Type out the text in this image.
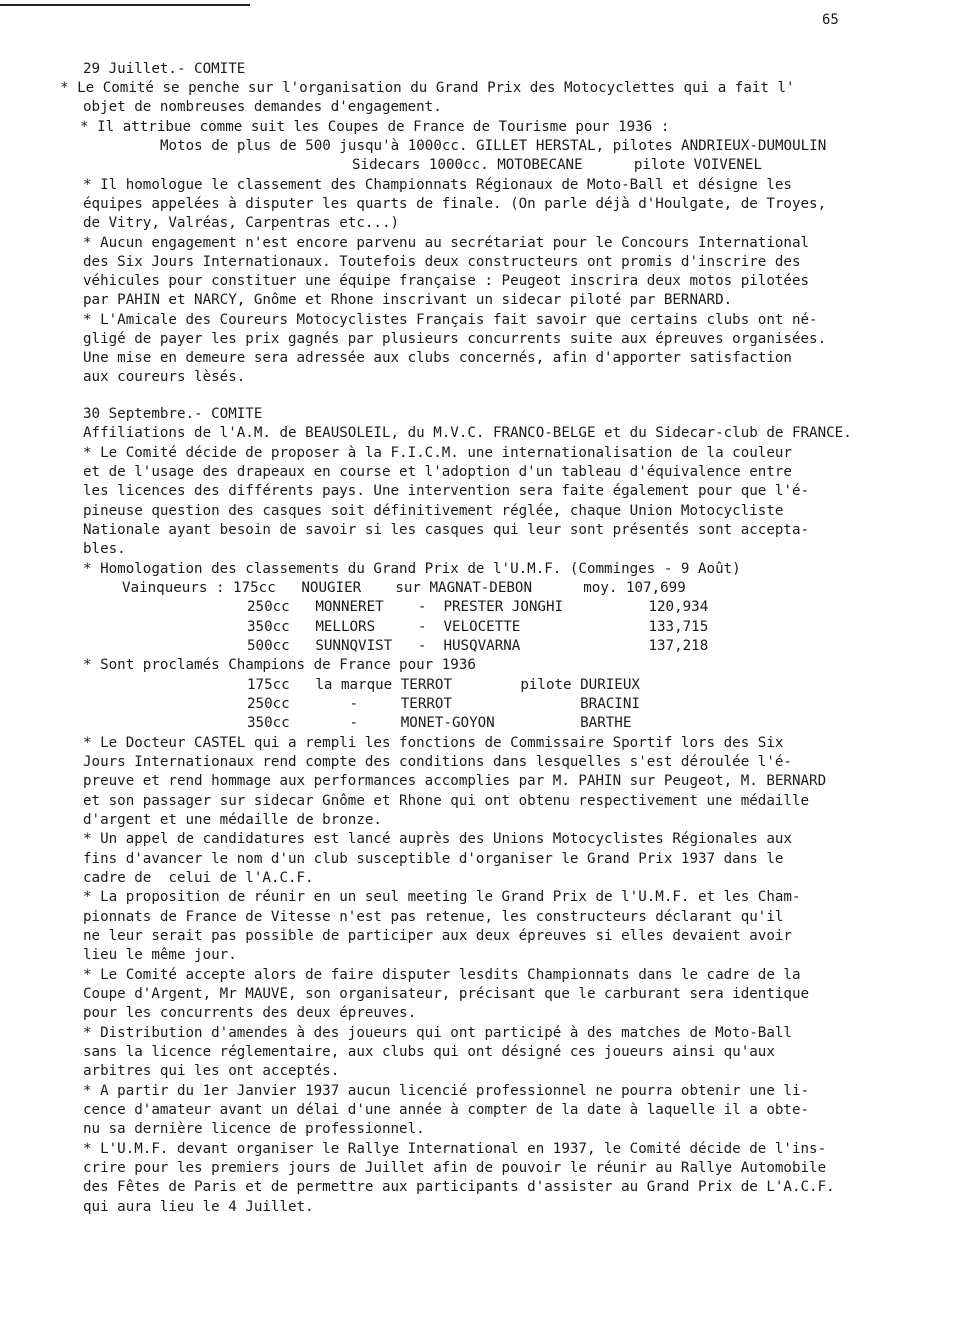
65
29 Juillet.- COMITE
* Le Comité se penche sur l'organisation du Grand Prix des Motocyclettes qui a fait l'
objet de nombreuses demandes d'engagement.
* Il attribue comme suit les Coupes de France de Tourisme pour 1936 :
Motos de plus de 500 jusqu'à 1000cc. GILLET HERSTAL, pilotes ANDRIEUX-DUMOULIN
Sidecars 1000cc. MOTOBECANE      pilote VOIVENEL
* Il homologue le classement des Championnats Régionaux de Moto-Ball et désigne les
équipes appelées à disputer les quarts de finale. (On parle déjà d'Houlgate, de Troyes,
de Vitry, Valréas, Carpentras etc...)
* Aucun engagement n'est encore parvenu au secrétariat pour le Concours International
des Six Jours Internationaux. Toutefois deux constructeurs ont promis d'inscrire des
véhicules pour constituer une équipe française : Peugeot inscrira deux motos pilotées
par PAHIN et NARCY, Gnôme et Rhone inscrivant un sidecar piloté par BERNARD.
* L'Amicale des Coureurs Motocyclistes Français fait savoir que certains clubs ont né-
gligé de payer les prix gagnés par plusieurs concurrents suite aux épreuves organisées.
Une mise en demeure sera adressée aux clubs concernés, afin d'apporter satisfaction
aux coureurs lèsés.
30 Septembre.- COMITE
Affiliations de l'A.M. de BEAUSOLEIL, du M.V.C. FRANCO-BELGE et du Sidecar-club de FRANCE.
* Le Comité décide de proposer à la F.I.C.M. une internationalisation de la couleur
et de l'usage des drapeaux en course et l'adoption d'un tableau d'équivalence entre
les licences des différents pays. Une intervention sera faite également pour que l'é-
pineuse question des casques soit définitivement réglée, chaque Union Motocycliste
Nationale ayant besoin de savoir si les casques qui leur sont présentés sont accepta-
bles.
* Homologation des classements du Grand Prix de l'U.M.F. (Comminges - 9 Août)
Vainqueurs : 175cc   NOUGIER    sur MAGNAT-DEBON      moy. 107,699
250cc   MONNERET    -  PRESTER JONGHI          120,934
350cc   MELLORS     -  VELOCETTE               133,715
500cc   SUNNQVIST   -  HUSQVARNA               137,218
* Sont proclamés Champions de France pour 1936
175cc   la marque TERROT        pilote DURIEUX
250cc       -     TERROT               BRACINI
350cc       -     MONET-GOYON          BARTHE
* Le Docteur CASTEL qui a rempli les fonctions de Commissaire Sportif lors des Six
Jours Internationaux rend compte des conditions dans lesquelles s'est déroulée l'é-
preuve et rend hommage aux performances accomplies par M. PAHIN sur Peugeot, M. BERNARD
et son passager sur sidecar Gnôme et Rhone qui ont obtenu respectivement une médaille
d'argent et une médaille de bronze.
* Un appel de candidatures est lancé auprès des Unions Motocyclistes Régionales aux
fins d'avancer le nom d'un club susceptible d'organiser le Grand Prix 1937 dans le
cadre de  celui de l'A.C.F.
* La proposition de réunir en un seul meeting le Grand Prix de l'U.M.F. et les Cham-
pionnats de France de Vitesse n'est pas retenue, les constructeurs déclarant qu'il
ne leur serait pas possible de participer aux deux épreuves si elles devaient avoir
lieu le même jour.
* Le Comité accepte alors de faire disputer lesdits Championnats dans le cadre de la
Coupe d'Argent, Mr MAUVE, son organisateur, précisant que le carburant sera identique
pour les concurrents des deux épreuves.
* Distribution d'amendes à des joueurs qui ont participé à des matches de Moto-Ball
sans la licence réglementaire, aux clubs qui ont désigné ces joueurs ainsi qu'aux
arbitres qui les ont acceptés.
* A partir du 1er Janvier 1937 aucun licencié professionnel ne pourra obtenir une li-
cence d'amateur avant un délai d'une année à compter de la date à laquelle il a obte-
nu sa dernière licence de professionnel.
* L'U.M.F. devant organiser le Rallye International en 1937, le Comité décide de l'ins-
crire pour les premiers jours de Juillet afin de pouvoir le réunir au Rallye Automobile
des Fêtes de Paris et de permettre aux participants d'assister au Grand Prix de L'A.C.F.
qui aura lieu le 4 Juillet.
